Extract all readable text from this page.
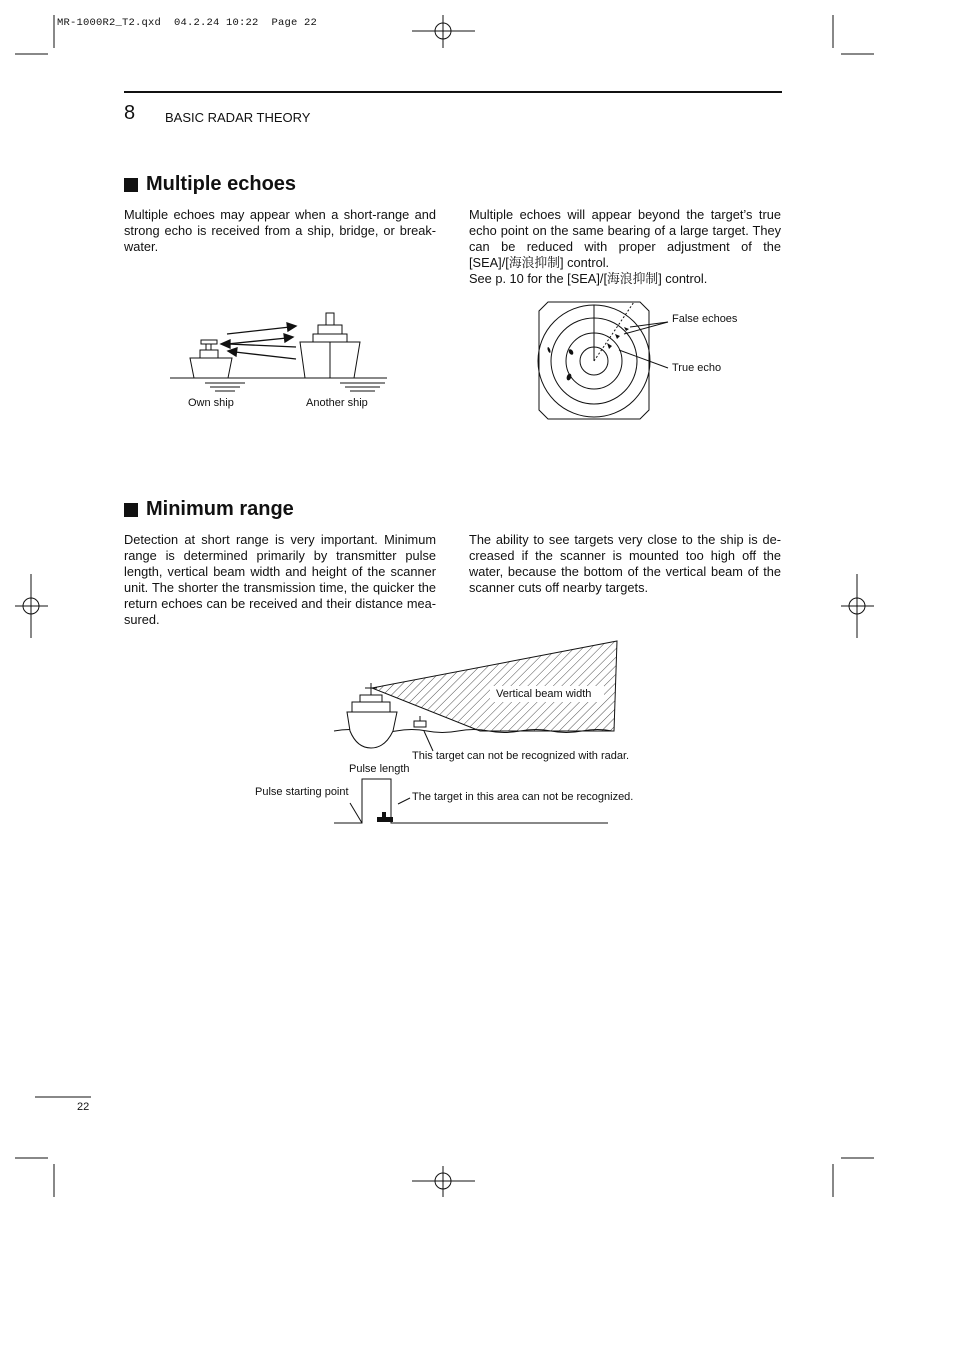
MR-1000R2_T2.qxd  04.2.24 10:22  Page 22
8 BASIC RADAR THEORY
Multiple echoes

Multiple echoes may appear when a short-range and strong echo is received from a ship, bridge, or break-water.

Multiple echoes will appear beyond the target’s true echo point on the same bearing of a large target. They can be reduced with proper adjustment of the [SEA]/[海浪抑制] control.

See p. 10 for the [SEA]/[海浪抑制] control.

Own ship	Another ship
False echoes
True echo
Minimum range

Detection at short range is very important. Minimum range is determined primarily by transmitter pulse length, vertical beam width and height of the scanner unit. The shorter the transmission time, the quicker the return echoes can be received and their distance mea-sured.

The ability to see targets very close to the ship is de-creased if the scanner is mounted too high off the water, because the bottom of the vertical beam of the scanner cuts off nearby targets.

Vertical beam width
This target can not be recognized with radar.
Pulse length
Pulse starting point	The target in this area can not be recognized.
22
